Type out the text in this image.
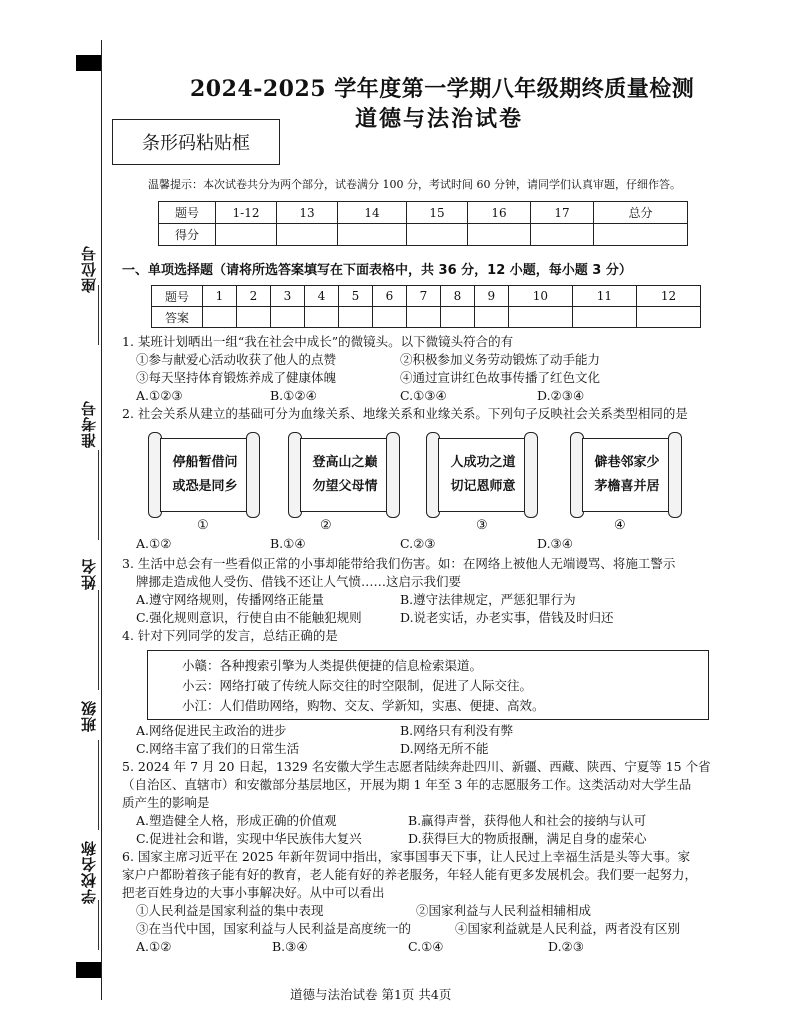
座位号
准考号
姓名
班级
学校名称
2024-2025 学年度第一学期八年级期终质量检测
道德与法治试卷
条形码粘贴框
温馨提示：本次试卷共分为两个部分，试卷满分 100 分，考试时间 60 分钟，请同学们认真审题，仔细作答。
题号	1-12	13	14	15	16	17	总分
得分							
一、单项选择题（请将所选答案填写在下面表格中，共 36 分，12 小题，每小题 3 分）
题号	1	2	3	4	5	6	7	8	9	10	11	12
答案												
1. 某班计划晒出一组“我在社会中成长”的微镜头。以下微镜头符合的有
①参与献爱心活动收获了他人的点赞	②积极参加义务劳动锻炼了动手能力
③每天坚持体育锻炼养成了健康体魄	④通过宣讲红色故事传播了红色文化
A.①②③	B.①②④	C.①③④	D.②③④
2. 社会关系从建立的基础可分为血缘关系、地缘关系和业缘关系。下列句子反映社会关系类型相同的是
停船暂借问
或恐是同乡
①
登高山之巅
勿望父母情
②
人成功之道
切记恩师意
③
僻巷邻家少
茅檐喜并居
④
A.①②	B.①④	C.②③	D.③④
3. 生活中总会有一些看似正常的小事却能带给我们伤害。如：在网络上被他人无端谩骂、将施工警示
牌挪走造成他人受伤、借钱不还让人气愤……这启示我们要
A.遵守网络规则，传播网络正能量	B.遵守法律规定，严惩犯罪行为
C.强化规则意识，行使自由不能触犯规则	D.说老实话，办老实事，借钱及时归还
4. 针对下列同学的发言，总结正确的是
小赣：各种搜索引擎为人类提供便捷的信息检索渠道。
小云：网络打破了传统人际交往的时空限制，促进了人际交往。
小江：人们借助网络，购物、交友、学新知，实惠、便捷、高效。
A.网络促进民主政治的进步	B.网络只有利没有弊
C.网络丰富了我们的日常生活	D.网络无所不能
5. 2024 年 7 月 20 日起，1329 名安徽大学生志愿者陆续奔赴四川、新疆、西藏、陕西、宁夏等 15 个省
（自治区、直辖市）和安徽部分基层地区，开展为期 1 年至 3 年的志愿服务工作。这类活动对大学生品
质产生的影响是
A.塑造健全人格，形成正确的价值观	B.赢得声誉，获得他人和社会的接纳与认可
C.促进社会和谐，实现中华民族伟大复兴	D.获得巨大的物质报酬，满足自身的虚荣心
6. 国家主席习近平在 2025 年新年贺词中指出，家事国事天下事，让人民过上幸福生活是头等大事。家
家户户都盼着孩子能有好的教育，老人能有好的养老服务，年轻人能有更多发展机会。我们要一起努力，
把老百姓身边的大事小事解决好。从中可以看出
①人民利益是国家利益的集中表现	②国家利益与人民利益相辅相成
③在当代中国，国家利益与人民利益是高度统一的	④国家利益就是人民利益，两者没有区别
A.①②	B.③④	C.①④	D.②③
道德与法治试卷 第1页 共4页
